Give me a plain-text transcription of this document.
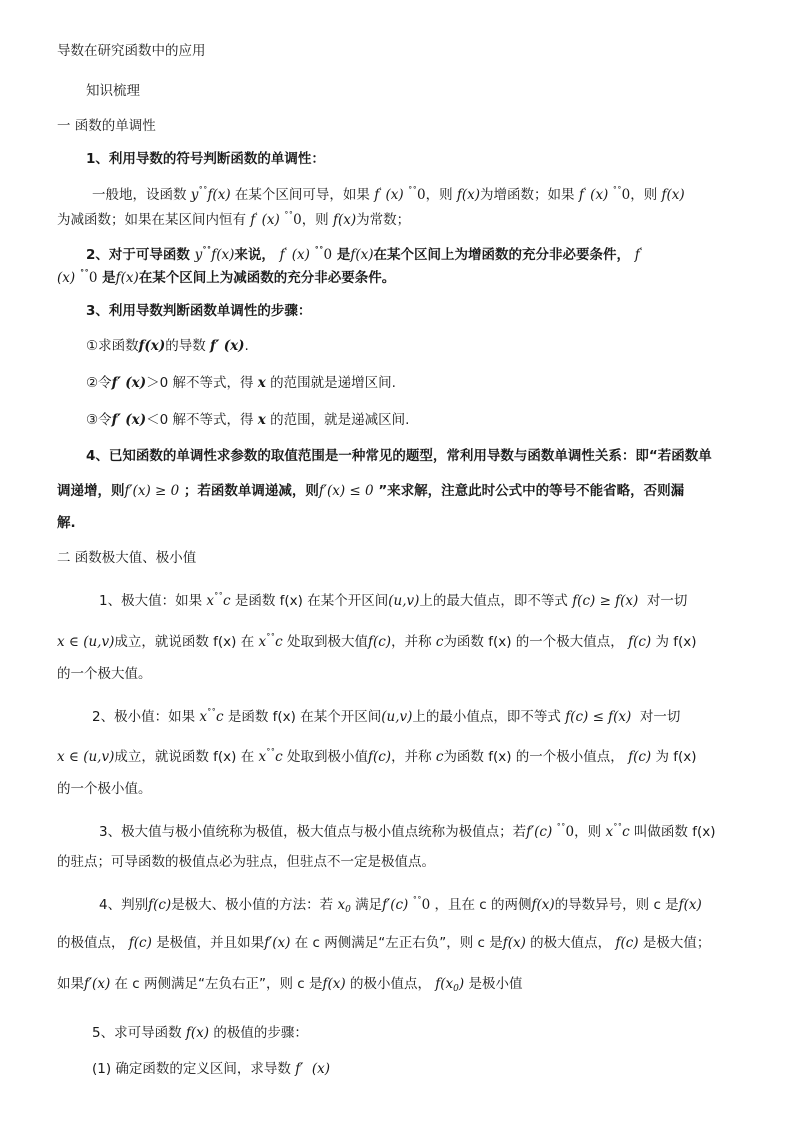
导数在研究函数中的应用
知识梳理
一 函数的单调性
1、利用导数的符号判断函数的单调性：
一般地，设函数 y˚˚f(x) 在某个区间可导，如果 f′ (x) ˚˚0，则 f(x)为增函数；如果 f′ (x) ˚˚0，则 f(x)
为减函数；如果在某区间内恒有 f′ (x) ˚˚0，则 f(x)为常数；
2、对于可导函数 y˚˚f(x)来说， f′ (x) ˚˚0 是f(x)在某个区间上为增函数的充分非必要条件， f′
(x) ˚˚0 是f(x)在某个区间上为减函数的充分非必要条件。
3、利用导数判断函数单调性的步骤：
①求函数f(x)的导数 f′ (x).
②令f′ (x)＞0 解不等式，得 x 的范围就是递增区间.
③令f′ (x)＜0 解不等式，得 x 的范围，就是递减区间.
4、已知函数的单调性求参数的取值范围是一种常见的题型，常利用导数与函数单调性关系：即“若函数单
调递增，则f′(x) ≥ 0 ；若函数单调递减，则f′(x) ≤ 0 ”来求解，注意此时公式中的等号不能省略，否则漏
解.
二 函数极大值、极小值
1、极大值：如果 x˚˚c 是函数 f(x) 在某个开区间(u,v)上的最大值点，即不等式 f(c) ≥ f(x) 对一切
x ∈ (u,v)成立，就说函数 f(x) 在 x˚˚c 处取到极大值f(c)，并称 c为函数 f(x) 的一个极大值点， f(c) 为 f(x)
的一个极大值。
2、极小值：如果 x˚˚c 是函数 f(x) 在某个开区间(u,v)上的最小值点，即不等式 f(c) ≤ f(x) 对一切
x ∈ (u,v)成立，就说函数 f(x) 在 x˚˚c 处取到极小值f(c)，并称 c为函数 f(x) 的一个极小值点， f(c) 为 f(x)
的一个极小值。
3、极大值与极小值统称为极值，极大值点与极小值点统称为极值点；若f′(c) ˚˚0，则 x˚˚c 叫做函数 f(x)
的驻点；可导函数的极值点必为驻点，但驻点不一定是极值点。
4、判别f(c)是极大、极小值的方法：若 $x_0$ 满足f′(c) ˚˚0 ，且在 c 的两侧f(x)的导数异号，则 c 是f(x)
的极值点， f(c) 是极值，并且如果f′(x) 在 c 两侧满足“左正右负”，则 c 是f(x) 的极大值点， f(c) 是极大值；
如果f′(x) 在 c 两侧满足“左负右正”，则 c 是f(x) 的极小值点， $f(x_0)$ 是极小值
5、求可导函数 f(x) 的极值的步骤：
(1) 确定函数的定义区间，求导数 f′ (x)
